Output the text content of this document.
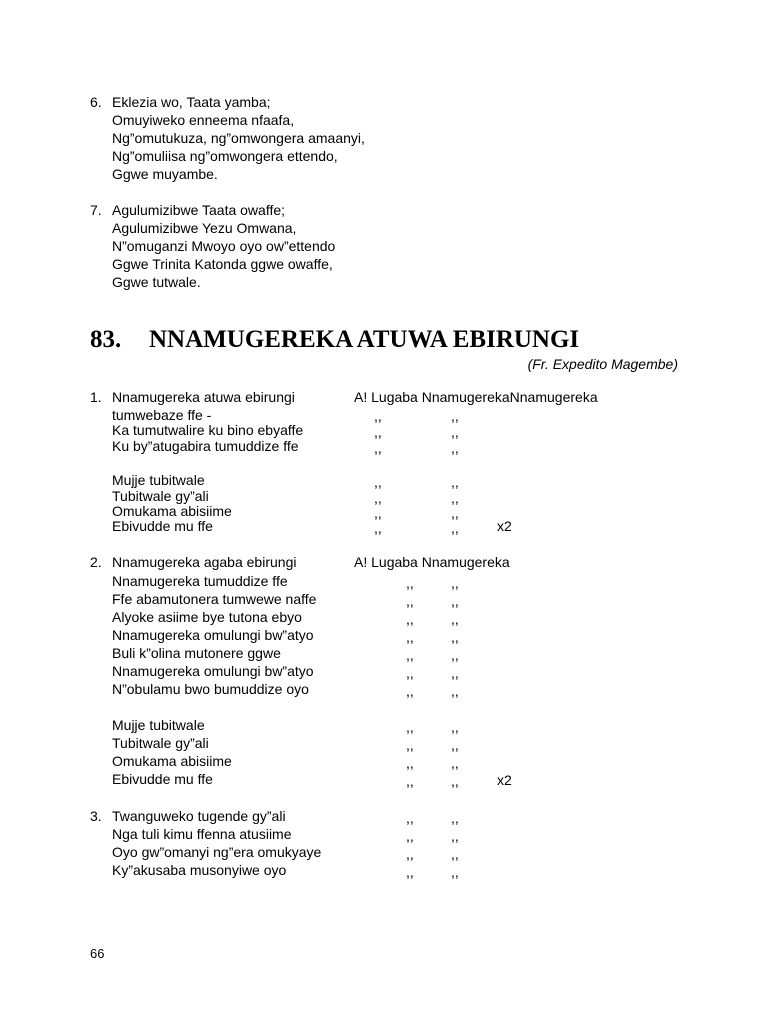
6. Eklezia wo, Taata yamba;
Omuyiweko enneema nfaafa,
Ng”omutukuza, ng”omwongera amaanyi,
Ng”omuliisa ng”omwongera ettendo,
Ggwe muyambe.
7. Agulumizibwe Taata owaffe;
Agulumizibwe Yezu Omwana,
N”omuganzi Mwoyo oyo ow”ettendo
Ggwe Trinita Katonda ggwe owaffe,
Ggwe tutwale.
83. NNAMUGEREKA ATUWA EBIRUNGI
(Fr. Expedito Magembe)
1. Nnamugereka atuwa ebirungi
tumwebaze ffe -
Ka tumutwalire ku bino ebyaffe
Ku by”atugabira tumuddize ffe
A! Lugaba NnamugerekaNnamugereka
,,	,,
,,	,,
,,	,,
Mujje tubitwale
Tubitwale gy”ali
Omukama abisiime
Ebivudde mu ffe
,,	,,
,,	,,
,,	,,
,,	,,	x2
2. Nnamugereka agaba ebirungi
Nnamugereka tumuddize ffe
Ffe abamutonera tumwewe naffe
Alyoke asiime bye tutona ebyo
Nnamugereka omulungi bw”atyo
Buli k”olina mutonere ggwe
Nnamugereka omulungi bw”atyo
N”obulamu bwo bumuddize oyo
A! Lugaba Nnamugereka
,,	,,
,,	,,
,,	,,
,,	,,
,,	,,
,,	,,
,,	,,
Mujje tubitwale
Tubitwale gy”ali
Omukama abisiime
Ebivudde mu ffe
,,	,,
,,	,,
,,	,,
,,	,,	x2
3. Twanguweko tugende gy”ali
Nga tuli kimu ffenna atusiime
Oyo gw”omanyi ng”era omukyaye
Ky”akusaba musonyiwe oyo
,,	,,
,,	,,
,,	,,
,,	,,
66
